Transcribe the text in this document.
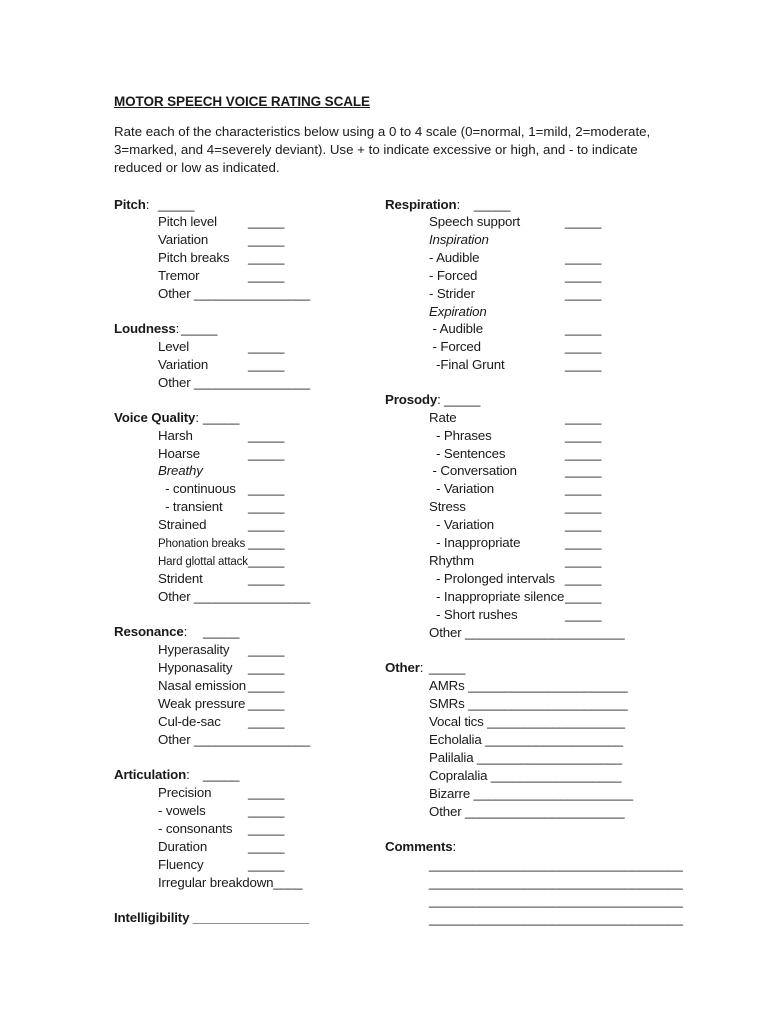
MOTOR SPEECH VOICE RATING SCALE
Rate each of the characteristics below using a 0 to 4 scale (0=normal, 1=mild, 2=moderate, 3=marked, and 4=severely deviant). Use + to indicate excessive or high, and - to indicate reduced or low as indicated.
Pitch: _____
Pitch level _____
Variation	_____
Pitch breaks _____
Tremor	_____
Other ________________
Loudness: _____
Level	_____
Variation	_____
Other ________________
Voice Quality: _____
Harsh	_____
Hoarse	_____
Breathy
- continuous _____
- transient _____
Strained	_____
Phonation breaks _____
Hard glottal attack _____
Strident	_____
Other ________________
Resonance: _____
Hyperasality _____
Hyponasality _____
Nasal emission _____
Weak pressure _____
Cul-de-sac _____
Other ________________
Articulation: _____
Precision	_____
- vowels	_____
- consonants _____
Duration	_____
Fluency	_____
Irregular breakdown____
Intelligibility ________________
Respiration: _____
Speech support	_____
Inspiration
- Audible	_____
- Forced	_____
- Strider	_____
Expiration
- Audible	_____
- Forced	_____
-Final Grunt	_____
Prosody: _____
Rate	_____
- Phrases	_____
- Sentences	_____
- Conversation	_____
- Variation	_____
Stress	_____
- Variation	_____
- Inappropriate	_____
Rhythm	_____
- Prolonged intervals _____
- Inappropriate silence _____
- Short rushes	_____
Other ______________________
Other: _____
AMRs ______________________
SMRs ______________________
Vocal tics ___________________
Echolalia ___________________
Palilalia ____________________
Copralalia __________________
Bizarre ______________________
Other ______________________
Comments:
___________________________________
___________________________________
___________________________________
___________________________________
